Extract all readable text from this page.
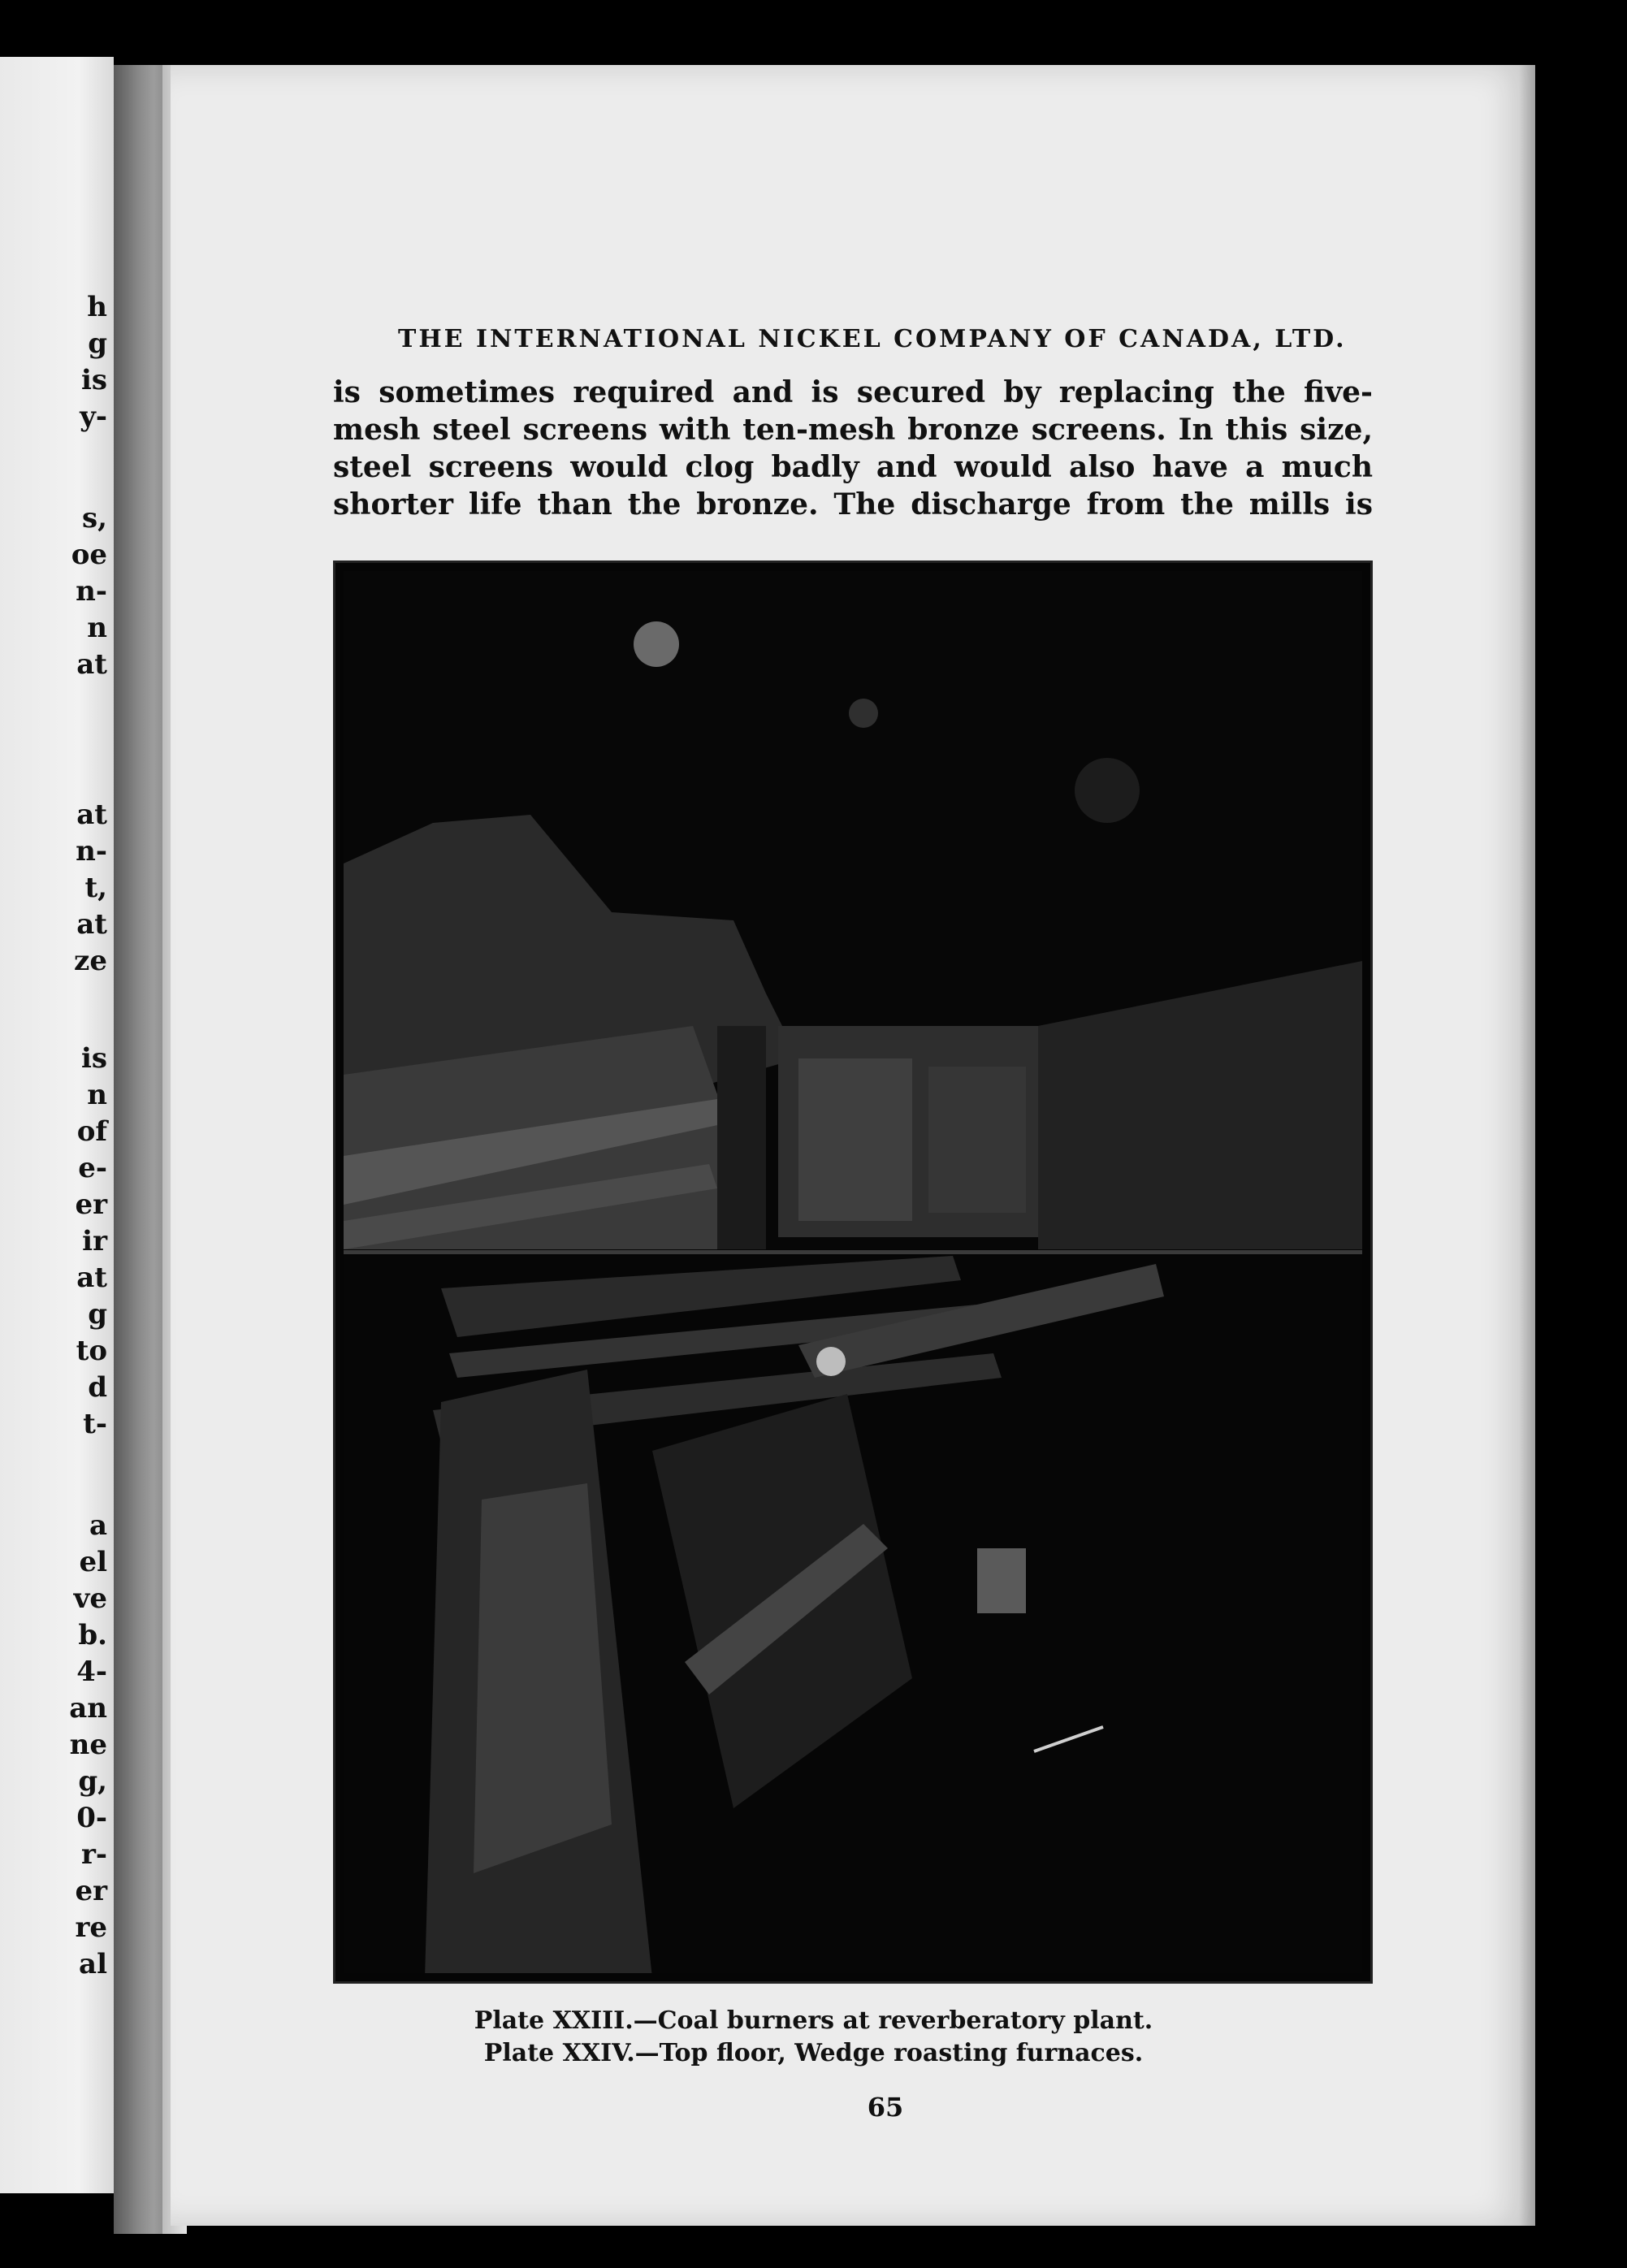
h
g
is
y-
s,
oe
n-
n
at
at
n-
t,
at
ze
is
n
of
e-
er
ir
at
g
to
d
t-
a
el
ve
b.
4-
an
ne
g,
0-
r-
er
re
al
THE INTERNATIONAL NICKEL COMPANY OF CANADA, LTD.
is sometimes required and is secured by replacing the five-
mesh steel screens with ten-mesh bronze screens. In this size,
steel screens would clog badly and would also have a much
shorter life than the bronze. The discharge from the mills is
Plate XXIII.—Coal burners at reverberatory plant.
Plate XXIV.—Top floor, Wedge roasting furnaces.
65
